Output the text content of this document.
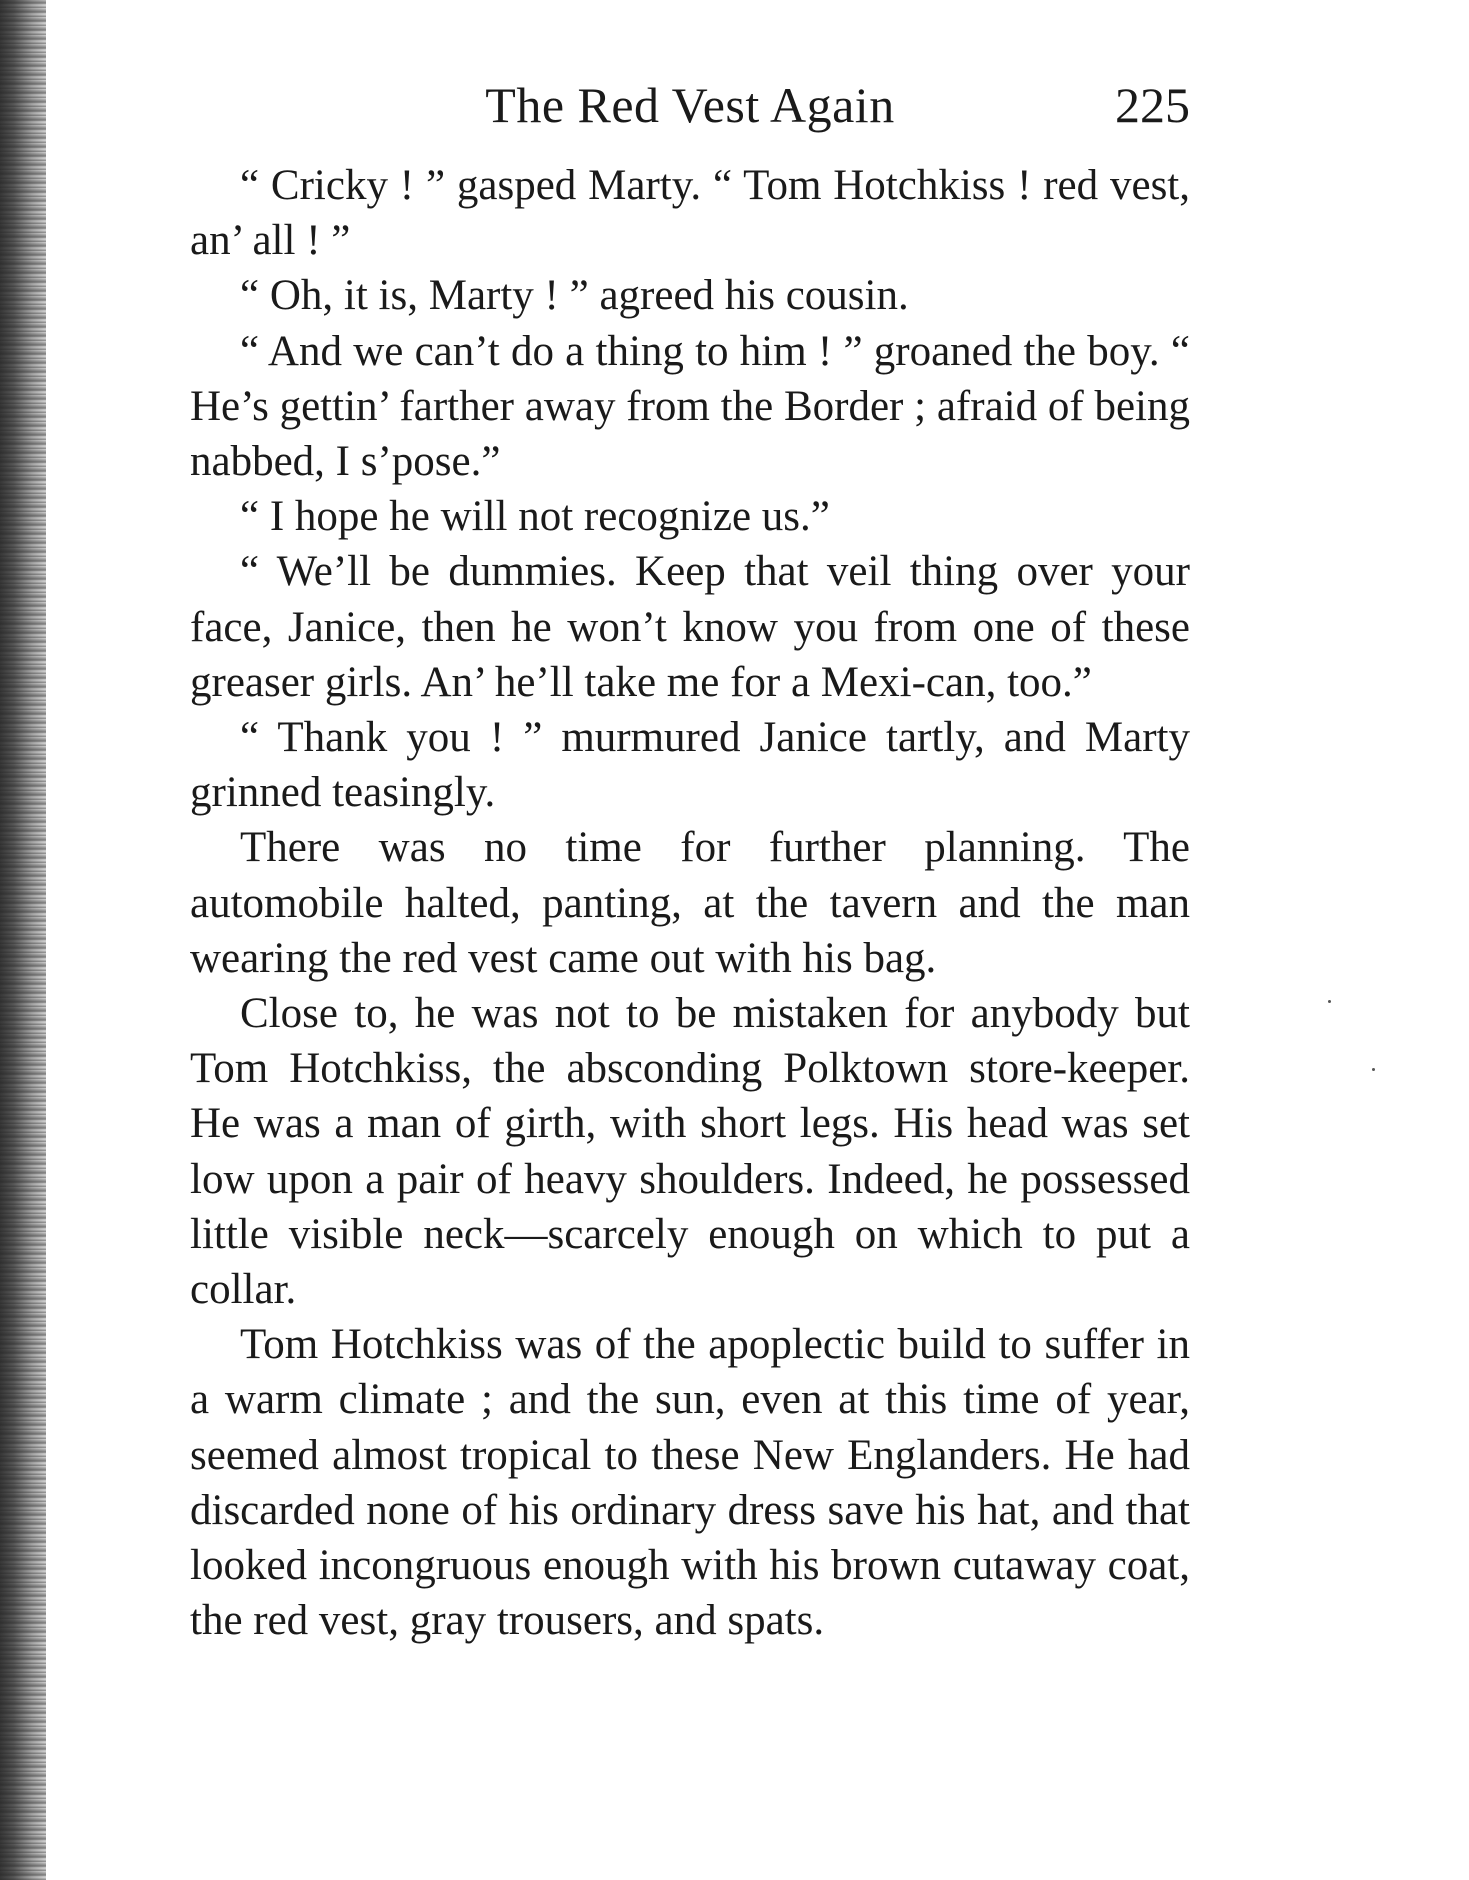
The Red Vest Again	225

“ Cricky ! ” gasped Marty. “ Tom Hotchkiss ! red vest, an’ all ! ”

“ Oh, it is, Marty ! ” agreed his cousin.

“ And we can’t do a thing to him ! ” groaned the boy. “ He’s gettin’ farther away from the Border ; afraid of being nabbed, I s’pose.”

“ I hope he will not recognize us.”

“ We’ll be dummies. Keep that veil thing over your face, Janice, then he won’t know you from one of these greaser girls. An’ he’ll take me for a Mexi-can, too.”

“ Thank you ! ” murmured Janice tartly, and Marty grinned teasingly.

There was no time for further planning. The automobile halted, panting, at the tavern and the man wearing the red vest came out with his bag.

Close to, he was not to be mistaken for anybody but Tom Hotchkiss, the absconding Polktown store-keeper. He was a man of girth, with short legs. His head was set low upon a pair of heavy shoulders. Indeed, he possessed little visible neck—scarcely enough on which to put a collar.

Tom Hotchkiss was of the apoplectic build to suffer in a warm climate ; and the sun, even at this time of year, seemed almost tropical to these New Englanders. He had discarded none of his ordinary dress save his hat, and that looked incongruous enough with his brown cutaway coat, the red vest, gray trousers, and spats.
